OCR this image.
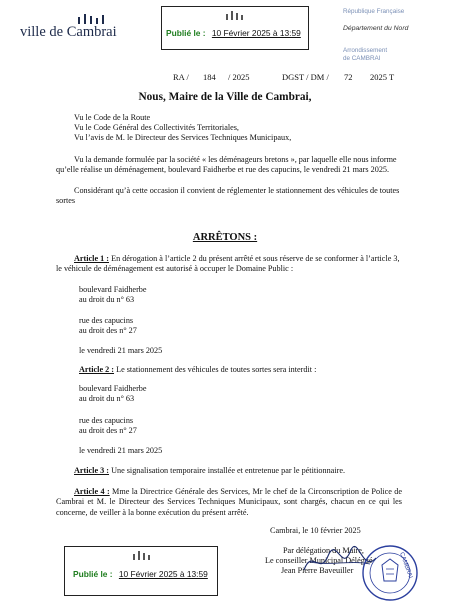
ville de Cambrai	Publié le : 10 Février 2025 à 13:59
République Française
Département du Nord
Arrondissement
de CAMBRAI
RA / 184 / 2025	DGST / DM / 72 2025 T
Nous, Maire de la Ville de Cambrai,
Vu le Code de la Route
Vu le Code Général des Collectivités Territoriales,
Vu l’avis de M. le Directeur des Services Techniques Municipaux,
Vu la demande formulée par la société « les déménageurs bretons », par laquelle elle nous informe qu’elle réalise un déménagement, boulevard Faidherbe et rue des capucins, le vendredi 21 mars 2025.
Considérant qu’à cette occasion il convient de réglementer le stationnement des véhicules de toutes sortes
ARRÊTONS :
Article 1 : En dérogation à l’article 2 du présent arrêté et sous réserve de se conformer à l’article 3, le véhicule de déménagement est autorisé à occuper le Domaine Public :
boulevard Faidherbe
au droit du n° 63
rue des capucins
au droit des n° 27
le vendredi 21 mars 2025
Article 2 : Le stationnement des véhicules de toutes sortes sera interdit :
boulevard Faidherbe
au droit du n° 63
rue des capucins
au droit des n° 27
le vendredi 21 mars 2025
Article 3 : Une signalisation temporaire installée et entretenue par le pétitionnaire.
Article 4 : Mme la Directrice Générale des Services, Mr le chef de la Circonscription de Police de Cambrai et M. le Directeur des Services Techniques Municipaux, sont chargés, chacun en ce qui les concerne, de veiller à la bonne exécution du présent arrêté.
Cambrai, le 10 février 2025
Par délégation du Maire,
Le conseiller Municipal Délégué
Jean Pierre Baveuiller	CAMBRAI
Publié le : 10 Février 2025 à 13:59
